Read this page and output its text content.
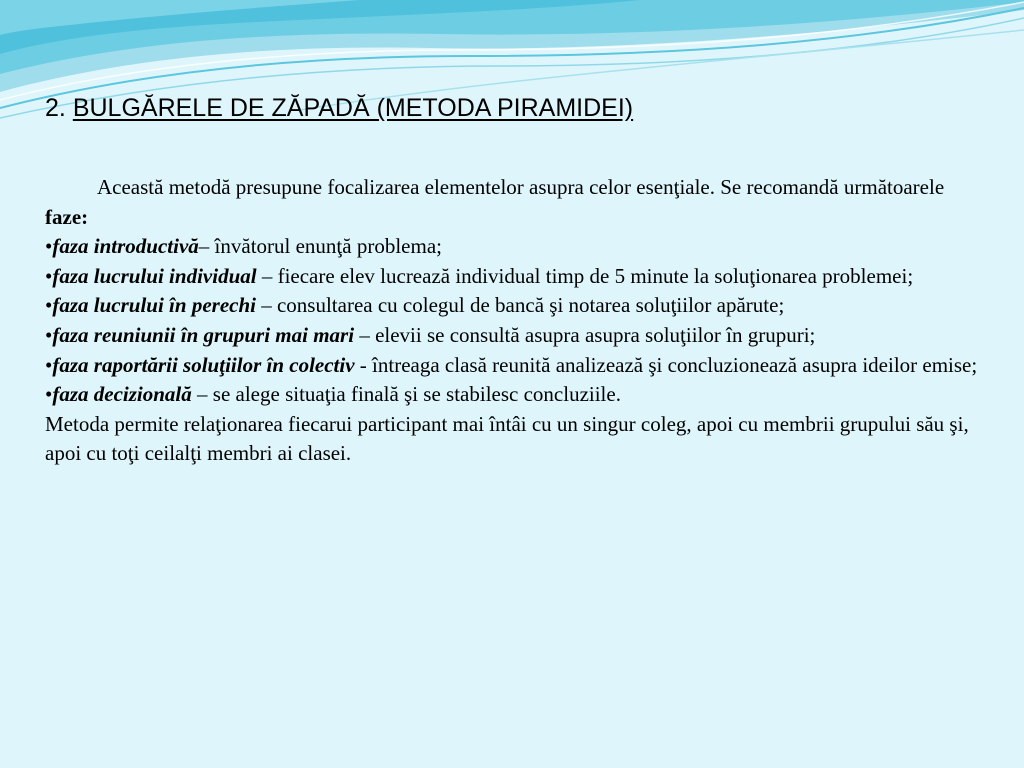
2. BULGĂRELE DE ZĂPADĂ (METODA PIRAMIDEI)

Această metodă presupune focalizarea elementelor asupra celor esenţiale. Se recomandă următoarele faze:

•faza introductivă– învătorul enunţă problema;

•faza lucrului individual – fiecare elev lucrează individual timp de 5 minute la soluţionarea problemei;

•faza lucrului în perechi – consultarea cu colegul de bancă şi notarea soluţiilor apărute;

•faza reuniunii în grupuri mai mari – elevii se consultă asupra asupra soluţiilor în grupuri;

•faza raportării soluţiilor în colectiv - întreaga clasă reunită analizează şi concluzionează asupra ideilor emise;

•faza decizională – se alege situaţia finală şi se stabilesc concluziile.

Metoda permite relaţionarea fiecarui participant mai întâi cu un singur coleg, apoi cu membrii grupului său şi, apoi cu toţi ceilalţi membri ai clasei.
